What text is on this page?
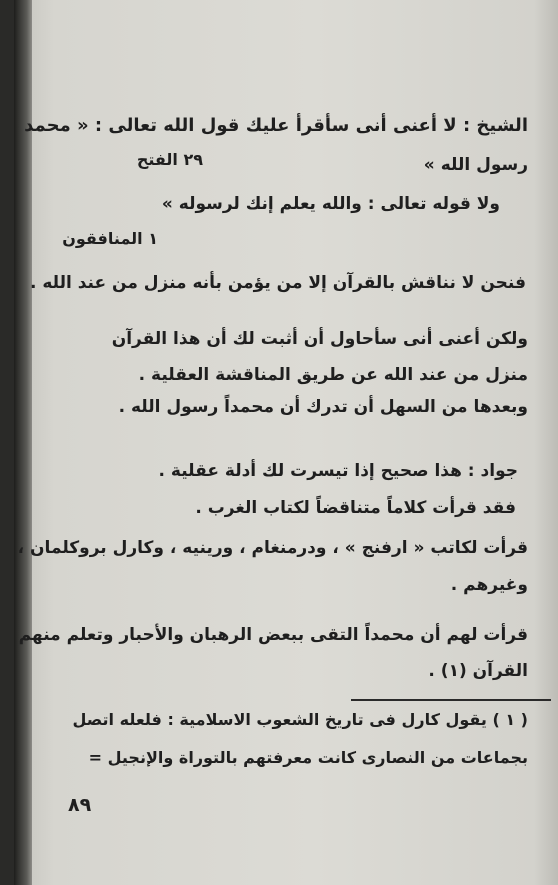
الشيخ : لا أعنى أنى سأقرأ عليك قول الله تعالى : « محمد
رسول الله »
٢٩ الفتح
ولا قوله تعالى : والله يعلم إنك لرسوله »
١ المنافقون
فنحن لا نناقش بالقرآن إلا من يؤمن بأنه منزل من عند الله .
ولكن أعنى أنى سأحاول أن أثبت لك أن هذا القرآن
منزل من عند الله عن طريق المناقشة العقلية .
وبعدها من السهل أن تدرك أن محمداً رسول الله .
جواد : هذا صحيح إذا تيسرت لك أدلة عقلية .
فقد قرأت كلاماً متناقضاً لكتاب الغرب .
قرأت لكاتب « ارفنج » ، ودرمنغام ، ورينيه ، وكارل بروكلمان ،
وغيرهم .
قرأت لهم أن محمداً التقى ببعض الرهبان والأحبار وتعلم منهم
القرآن (١) .
( ١ ) يقول كارل فى تاريخ الشعوب الاسلامية : فلعله اتصل
بجماعات من النصارى كانت معرفتهم بالتوراة والإنجيل =
٨٩
